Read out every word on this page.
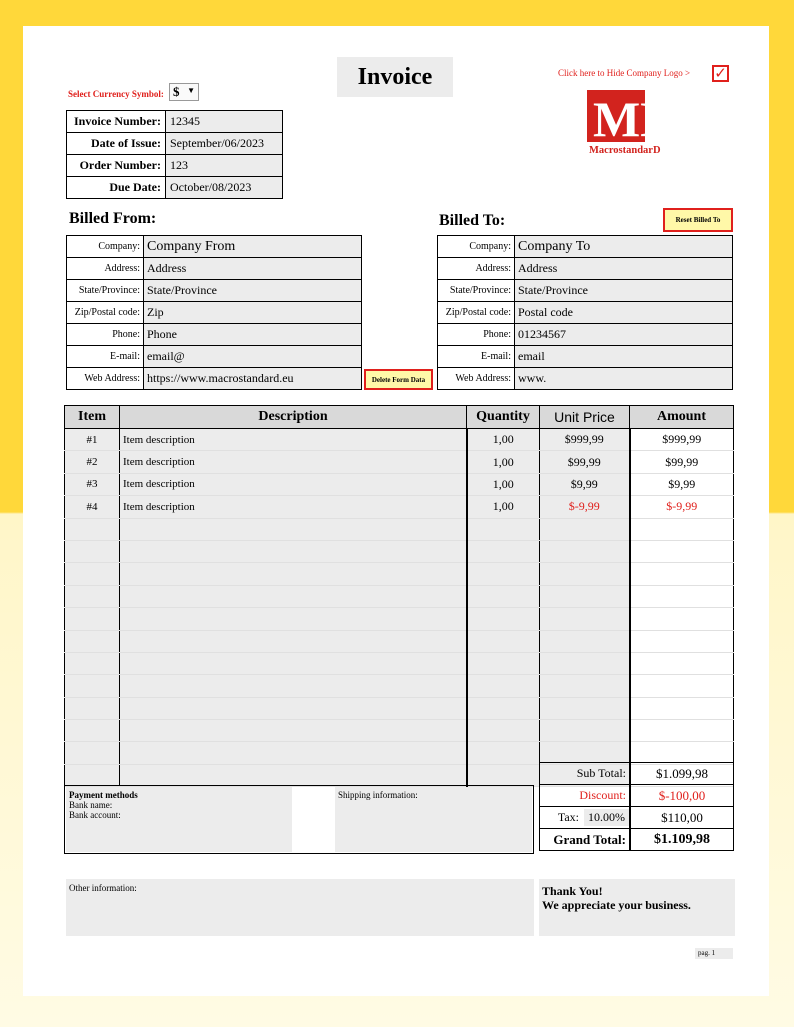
Invoice
Select Currency Symbol: $ ▼
Click here to Hide Company Logo > ✓
MD
MacrostandarD
Invoice Number:	12345
Date of Issue:	September/06/2023
Order Number:	123
Due Date:	October/08/2023
Billed From:	Billed To:	Reset Billed To
Company:	Company From
Address:	Address
State/Province:	State/Province
Zip/Postal code:	Zip
Phone:	Phone
E-mail:	email@
Web Address:	https://www.macrostandard.eu	Delete Form Data
Company:	Company To
Address:	Address
State/Province:	State/Province
Zip/Postal code:	Postal code
Phone:	01234567
E-mail:	email
Web Address:	www.
Item	Description	Quantity	Unit Price	Amount
#1	Item description	1,00	$999,99	$999,99
#2	Item description	1,00	$99,99	$99,99
#3	Item description	1,00	$9,99	$9,99
#4	Item description	1,00	$-9,99	$-9,99

Sub Total:	$1.099,98
Discount:	$-100,00
Tax: 10.00%	$110,00
Grand Total:	$1.109,98
Payment methods
Bank name:
Bank account:
Shipping information:
Other information:	Thank You!
We appreciate your business.
pag. 1
